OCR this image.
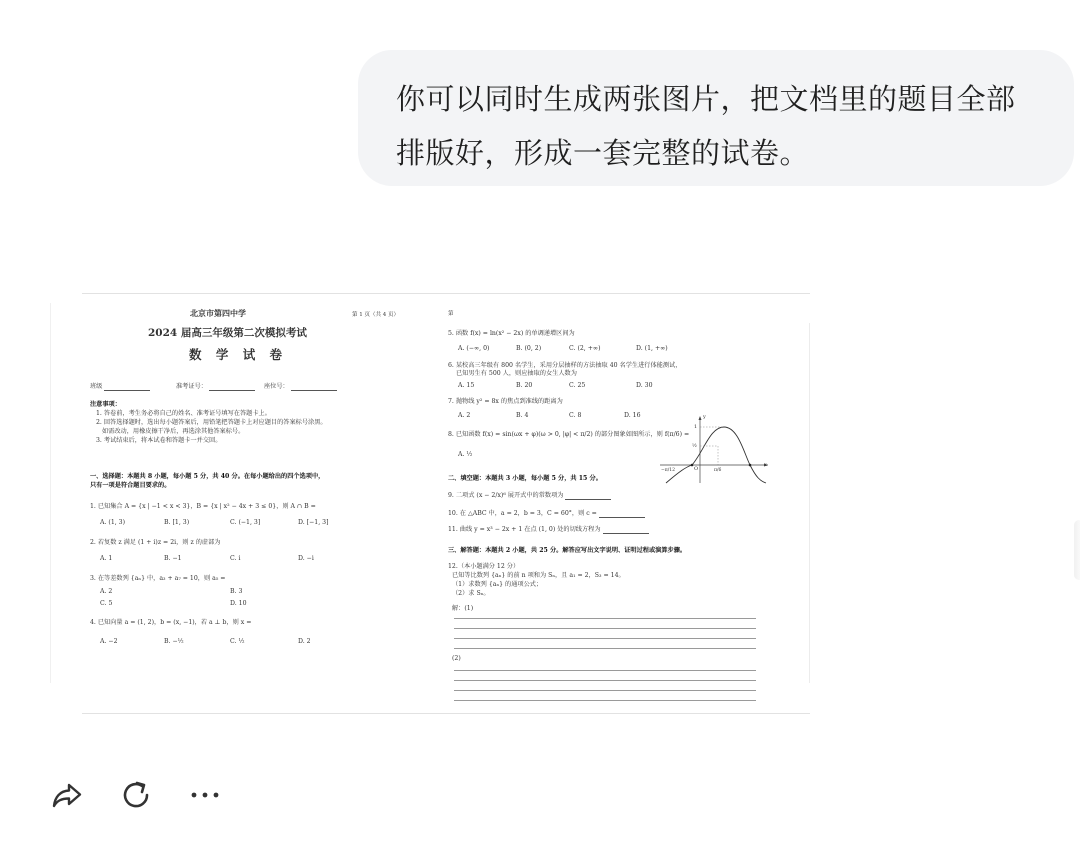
你可以同时生成两张图片，把文档里的题目全部

排版好，形成一套完整的试卷。

北京市第四中学	第 1 页（共 4 页）
2024 届高三年级第二次模拟考试
数 学 试 卷
班级	准考证号：	座位号：
注意事项：
1. 答卷前，考生务必将自己的姓名、准考证号填写在答题卡上。
2. 回答选择题时，选出每小题答案后，用铅笔把答题卡上对应题目的答案标号涂黑。
如需改动，用橡皮擦干净后，再选涂其他答案标号。
3. 考试结束后，将本试卷和答题卡一并交回。
一、选择题：本题共 8 小题，每小题 5 分，共 40 分。在每小题给出的四个选项中，
只有一项是符合题目要求的。
1. 已知集合 A = {x | −1 < x < 3}，B = {x | x² − 4x + 3 ≤ 0}，则 A ∩ B =
A. (1, 3)	B. [1, 3)	C. (−1, 3]	D. [−1, 3]
2. 若复数 z 满足 (1 + i)z = 2i，则 z 的虚部为
A. 1	B. −1	C. i	D. −i
3. 在等差数列 {aₙ} 中，a₃ + a₇ = 10，则 a₅ =
A. 2	B. 3
C. 5	D. 10
4. 已知向量 a = (1, 2)，b = (x, −1)，若 a ⊥ b，则 x =
A. −2	B. −½	C. ½	D. 2
第
5. 函数 f(x) = ln(x² − 2x) 的单调递增区间为
A. (−∞, 0)	B. (0, 2)	C. (2, +∞)	D. (1, +∞)
6. 某校高三年级有 800 名学生，采用分层抽样的方法抽取 40 名学生进行体能测试，
已知男生有 500 人，则应抽取的女生人数为
A. 15	B. 20	C. 25	D. 30
7. 抛物线 y² = 8x 的焦点到准线的距离为
A. 2	B. 4	C. 8	D. 16
8. 已知函数 f(x) = sin(ωx + φ)(ω > 0, |φ| < π/2) 的部分图象如图所示，则 f(π/6) =
A. ½
y
x
1
½
O
−π/12	π/6
二、填空题：本题共 3 小题，每小题 5 分，共 15 分。
9. 二项式 (x − 2/x)⁶ 展开式中的常数项为
10. 在 △ABC 中，a = 2，b = 3，C = 60°，则 c =
11. 曲线 y = x³ − 2x + 1 在点 (1, 0) 处的切线方程为
三、解答题：本题共 2 小题，共 25 分。解答应写出文字说明、证明过程或演算步骤。
12.（本小题满分 12 分）
已知等比数列 {aₙ} 的前 n 项和为 Sₙ，且 a₁ = 2，S₃ = 14。
（1）求数列 {aₙ} 的通项公式；
（2）求 Sₙ。
解：(1)
(2)
